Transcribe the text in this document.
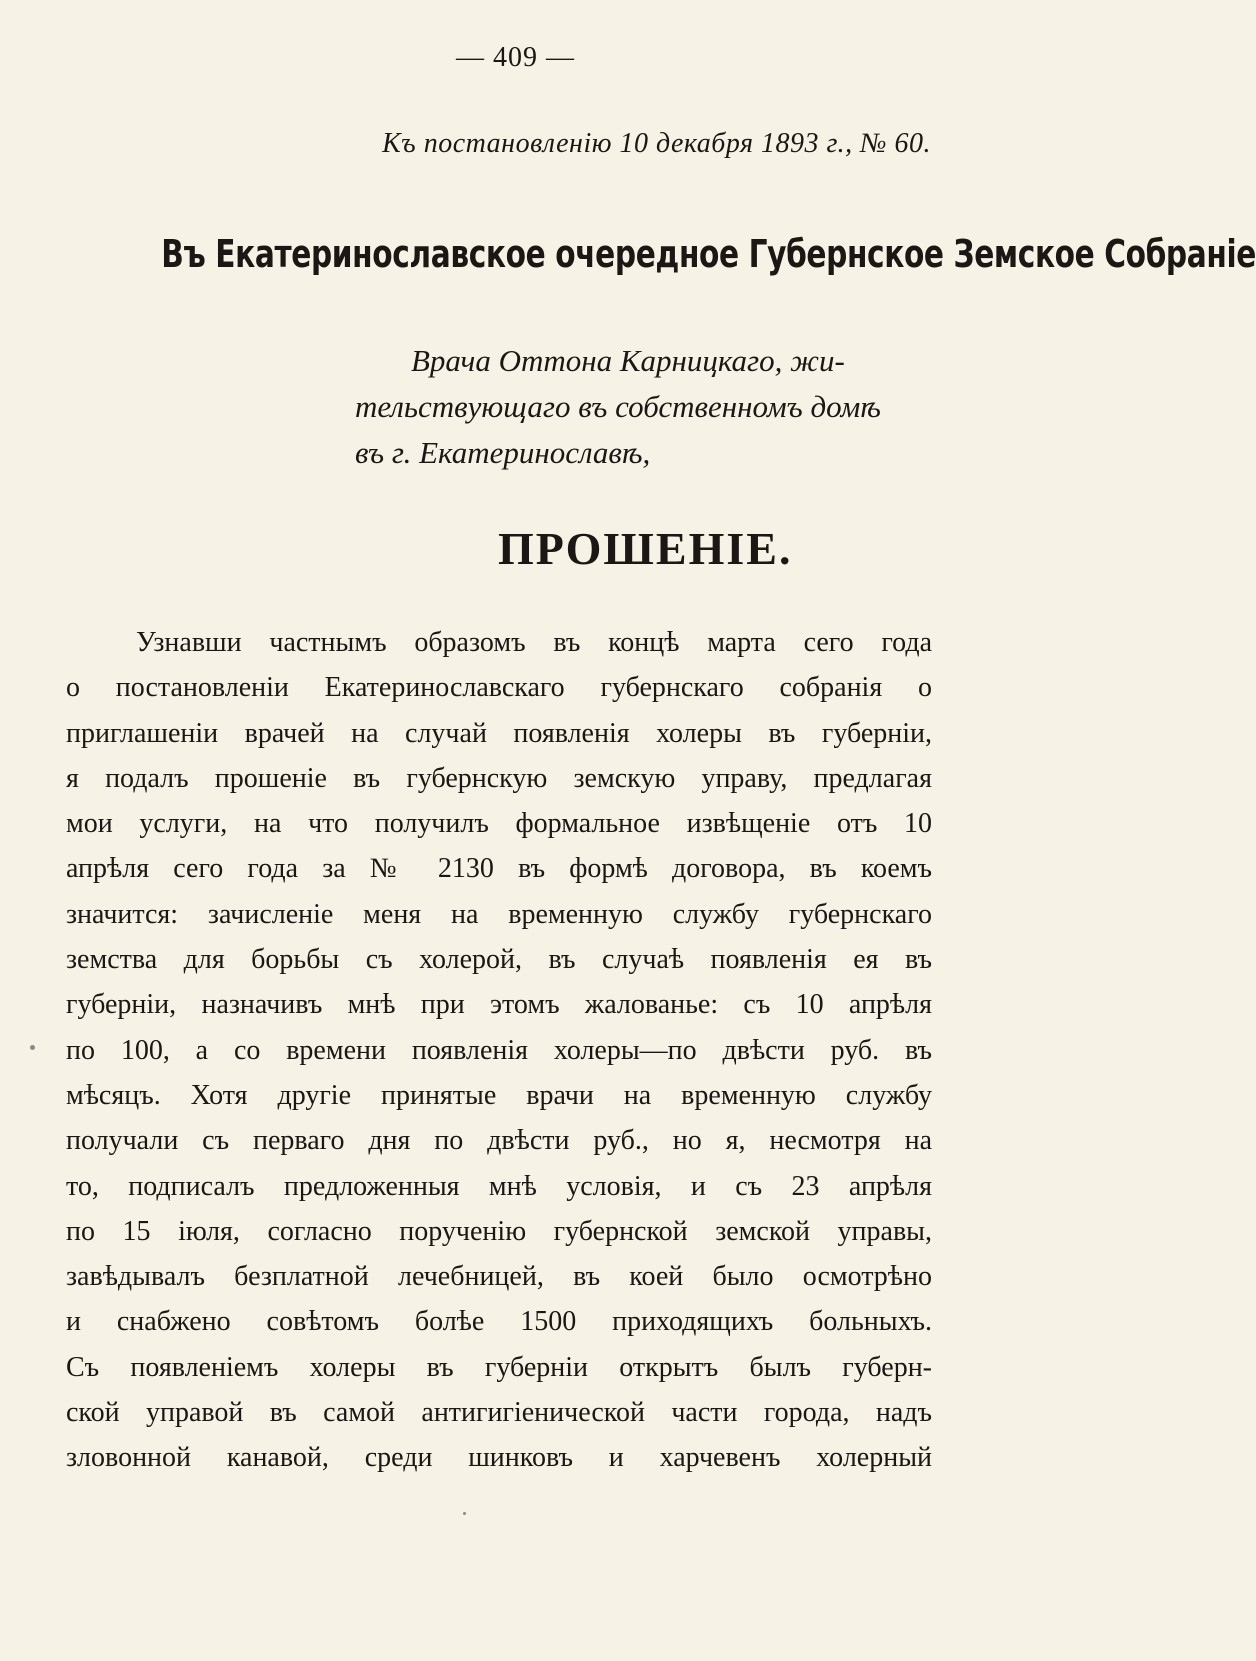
— 409 —
Къ постановленію 10 декабря 1893 г., № 60.
Въ Екатеринославское очередное Губернское Земское Собраніе
Врача Оттона Карницкаго, жи-
тельствующаго въ собственномъ домѣ
въ г. Екатеринославѣ,
ПРОШЕНІЕ.
Узнавши частнымъ образомъ въ концѣ марта сего года
о постановленіи Екатеринославскаго губернскаго собранія о
приглашеніи врачей на случай появленія холеры въ губерніи,
я подалъ прошеніе въ губернскую земскую управу, предлагая
мои услуги, на что получилъ формальное извѣщеніе отъ 10
апрѣля сего года за № 2130 въ формѣ договора, въ коемъ
значится: зачисленіе меня на временную службу губернскаго
земства для борьбы съ холерой, въ случаѣ появленія ея въ
губерніи, назначивъ мнѣ при этомъ жалованье: съ 10 апрѣля
по 100, а со времени появленія холеры—по двѣсти руб. въ
мѣсяцъ. Хотя другіе принятые врачи на временную службу
получали съ перваго дня по двѣсти руб., но я, несмотря на
то, подписалъ предложенныя мнѣ условія, и съ 23 апрѣля
по 15 іюля, согласно порученію губернской земской управы,
завѣдывалъ безплатной лечебницей, въ коей было осмотрѣно
и снабжено совѣтомъ болѣе 1500 приходящихъ больныхъ.
Съ появленіемъ холеры въ губерніи открытъ былъ губерн-
ской управой въ самой антигигіенической части города, надъ
зловонной канавой, среди шинковъ и харчевенъ холерный
